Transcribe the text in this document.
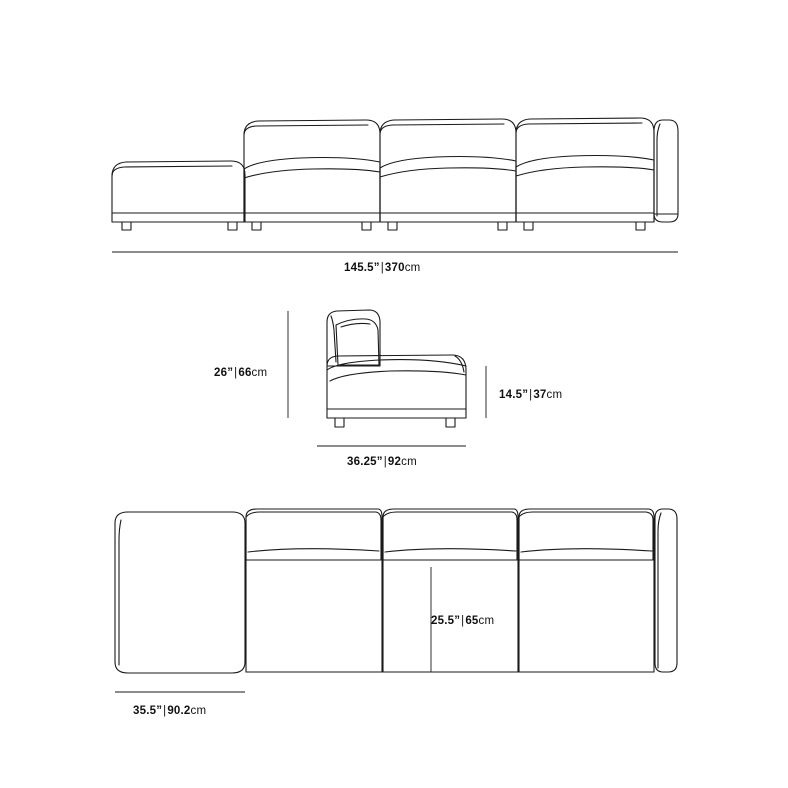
145.5”|370cm
26”|66cm
14.5”|37cm
36.25”|92cm
25.5”|65cm
35.5”|90.2cm
